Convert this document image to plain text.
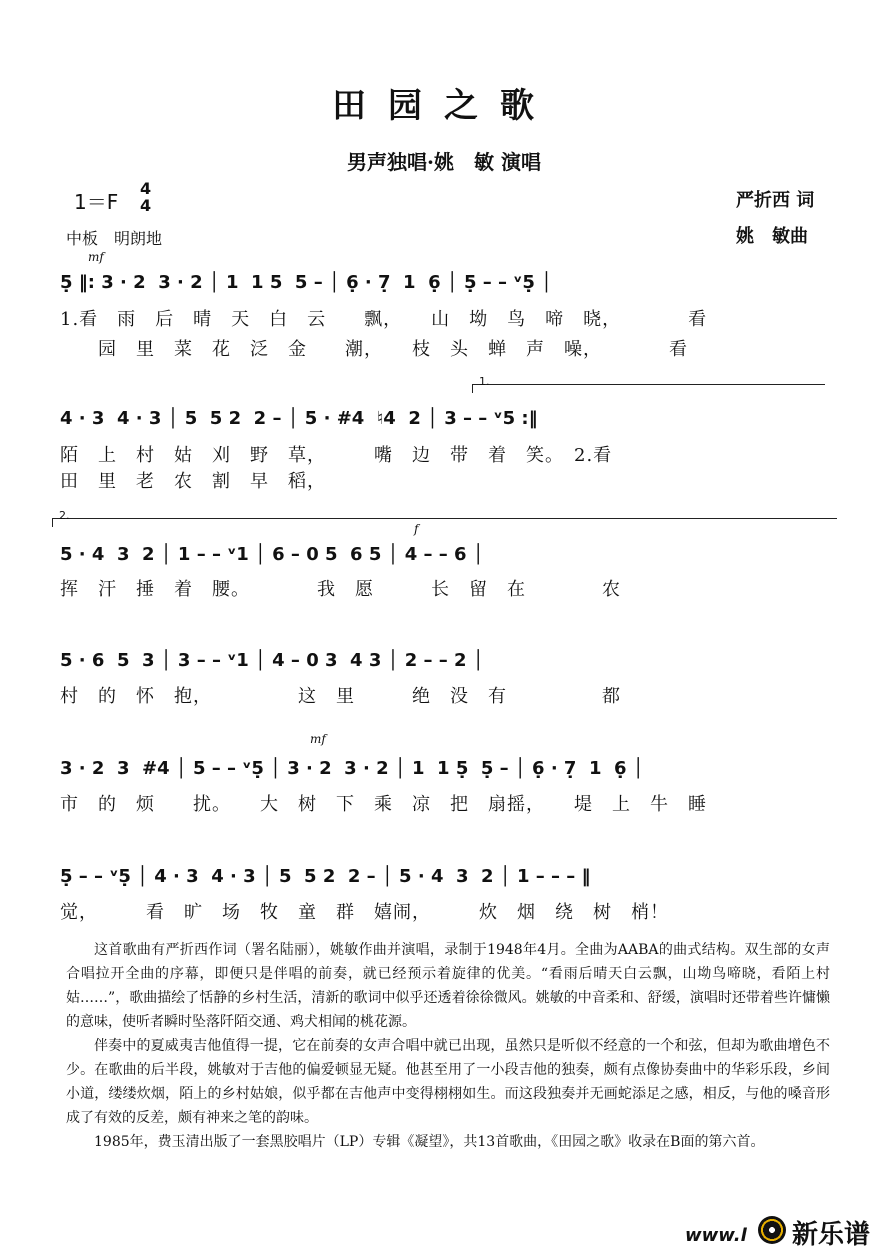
田园之歌
男声独唱·姚　敏 演唱
1＝F
4
4
中板　明朗地
严折西 词
姚　敏曲
mf
f
mf
5̣ ‖: 3 · 2  3 · 2 │ 1  1 5  5 – │ 6̣ · 7̣  1  6̣ │ 5̣ – – ᵛ5̣ │
1.看　雨　后　晴　天　白　云　　飘，　　山　坳　鸟　啼　晓，　　　　看
　　园　里　菜　花　泛　金　　潮，　　枝　头　蝉　声　噪，　　　　看
1.
4 · 3  4 · 3 │ 5  5 2  2 – │ 5 · #4  ♮4  2 │ 3 – – ᵛ5 :‖
陌　上　村　姑　刈　野　草，　　　嘴　边　带　着　笑。　2.看
田　里　老　农　割　早　稻，
2.
5 · 4  3  2 │ 1 – – ᵛ1 │ 6 – 0 5  6 5 │ 4 – – 6 │
挥　汗　捶　着　腰。　　　　我　愿　　　长　留　在　　　　农
5 · 6  5  3 │ 3 – – ᵛ1 │ 4 – 0 3  4 3 │ 2 – – 2 │
村　的　怀　抱，　　　　　这　里　　　绝　没　有　　　　　都
3 · 2  3  #4 │ 5 – – ᵛ5̣ │ 3 · 2  3 · 2 │ 1  1 5̣  5̣ – │ 6̣ · 7̣  1  6̣ │
市　的　烦　　扰。　　大　树　下　乘　凉　把　扇摇，　　堤　上　牛　睡
5̣ – – ᵛ5̣ │ 4 · 3  4 · 3 │ 5  5 2  2 – │ 5 · 4  3  2 │ 1 – – – ‖
觉，　　　看　旷　场　牧　童　群　嬉闹，　　　炊　烟　绕　树　梢！

这首歌曲有严折西作词（署名陆丽），姚敏作曲并演唱，录制于1948年4月。全曲为AABA的曲式结构。双生部的女声合唱拉开全曲的序幕，即便只是伴唱的前奏，就已经预示着旋律的优美。“看雨后晴天白云飘，山坳鸟啼晓，看陌上村姑……”，歌曲描绘了恬静的乡村生活，清新的歌词中似乎还透着徐徐微风。姚敏的中音柔和、舒缓，演唱时还带着些许慵懒的意味，使听者瞬时坠落阡陌交通、鸡犬相闻的桃花源。

伴奏中的夏威夷吉他值得一提，它在前奏的女声合唱中就已出现，虽然只是听似不经意的一个和弦，但却为歌曲增色不少。在歌曲的后半段，姚敏对于吉他的偏爱顿显无疑。他甚至用了一小段吉他的独奏，颇有点像协奏曲中的华彩乐段，乡间小道，缕缕炊烟，陌上的乡村姑娘，似乎都在吉他声中变得栩栩如生。而这段独奏并无画蛇添足之感，相反，与他的嗓音形成了有效的反差，颇有神来之笔的韵味。

1985年，费玉清出版了一套黑胶唱片（LP）专辑《凝望》，共13首歌曲，《田园之歌》收录在B面的第六首。

www.l 新乐谱
